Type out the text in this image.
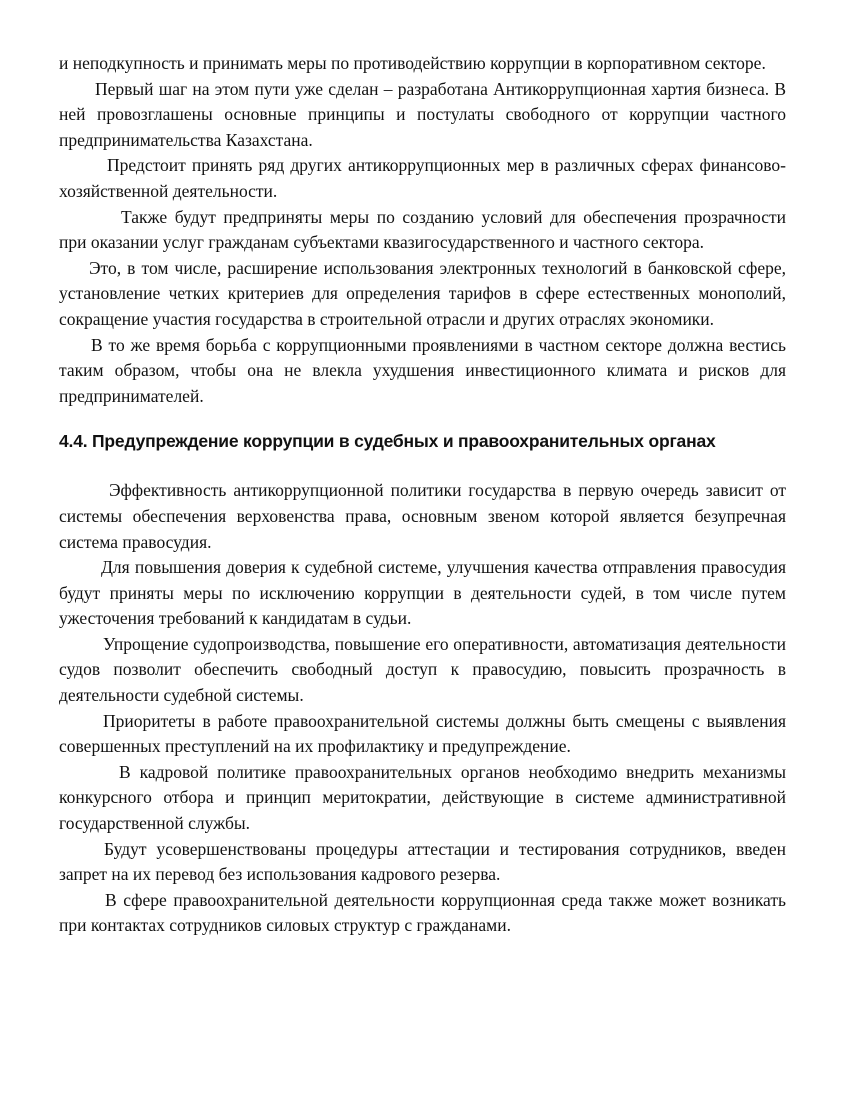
и неподкупность и принимать меры по противодействию коррупции в корпоративном секторе.

Первый шаг на этом пути уже сделан – разработана Антикоррупционная хартия бизнеса. В ней провозглашены основные принципы и постулаты свободного от коррупции частного предпринимательства Казахстана.

Предстоит принять ряд других антикоррупционных мер в различных сферах финансово-хозяйственной деятельности.

Также будут предприняты меры по созданию условий для обеспечения прозрачности при оказании услуг гражданам субъектами квазигосударственного и частного сектора.

Это, в том числе, расширение использования электронных технологий в банковской сфере, установление четких критериев для определения тарифов в сфере естественных монополий, сокращение участия государства в строительной отрасли и других отраслях экономики.

В то же время борьба с коррупционными проявлениями в частном секторе должна вестись таким образом, чтобы она не влекла ухудшения инвестиционного климата и рисков для предпринимателей.

4.4. Предупреждение коррупции в судебных и правоохранительных органах

Эффективность антикоррупционной политики государства в первую очередь зависит от системы обеспечения верховенства права, основным звеном которой является безупречная система правосудия.

Для повышения доверия к судебной системе, улучшения качества отправления правосудия будут приняты меры по исключению коррупции в деятельности судей, в том числе путем ужесточения требований к кандидатам в судьи.

Упрощение судопроизводства, повышение его оперативности, автоматизация деятельности судов позволит обеспечить свободный доступ к правосудию, повысить прозрачность в деятельности судебной системы.

Приоритеты в работе правоохранительной системы должны быть смещены с выявления совершенных преступлений на их профилактику и предупреждение.

В кадровой политике правоохранительных органов необходимо внедрить механизмы конкурсного отбора и принцип меритократии, действующие в системе административной государственной службы.

Будут усовершенствованы процедуры аттестации и тестирования сотрудников, введен запрет на их перевод без использования кадрового резерва.

В сфере правоохранительной деятельности коррупционная среда также может возникать при контактах сотрудников силовых структур с гражданами.
